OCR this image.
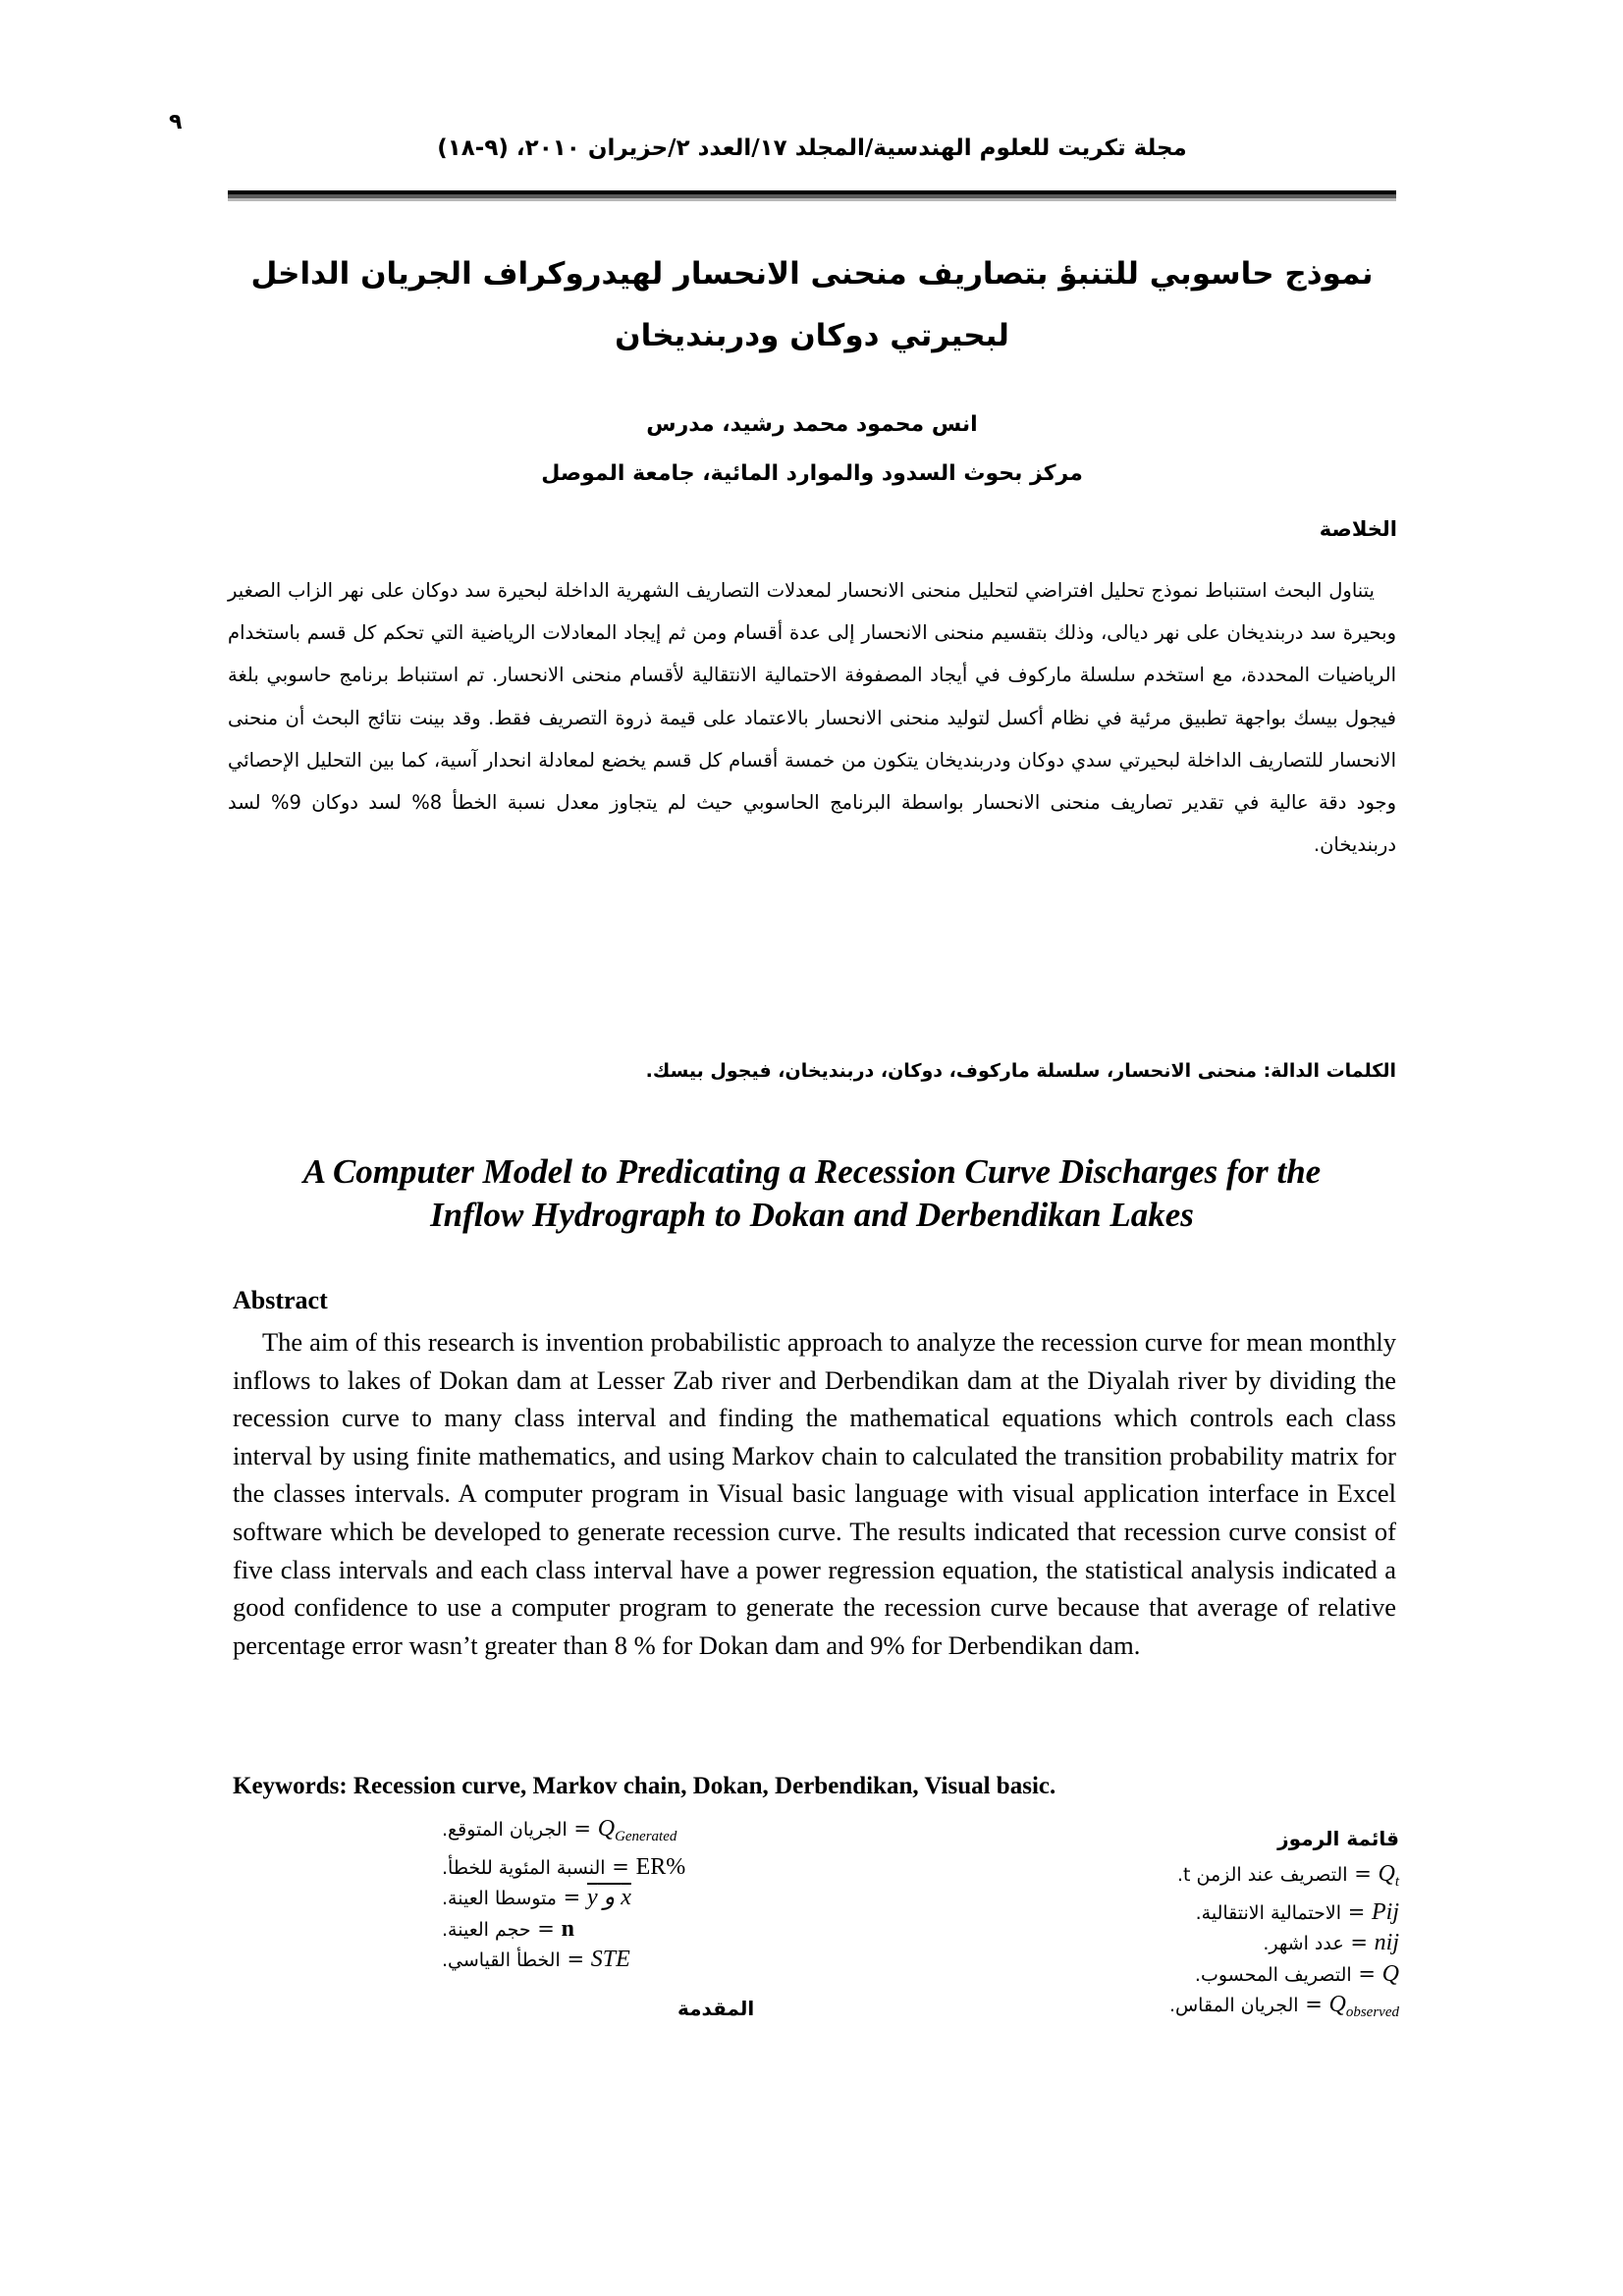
٩
مجلة تكريت للعلوم الهندسية/المجلد ١٧/العدد ٢/حزيران ٢٠١٠، (٩-١٨)
نموذج حاسوبي للتنبؤ بتصاريف منحنى الانحسار لهيدروكراف الجريان الداخل
لبحيرتي دوكان ودربنديخان
انس محمود محمد رشيد، مدرس
مركز بحوث السدود والموارد المائية، جامعة الموصل
الخلاصة

يتناول البحث استنباط نموذج تحليل افتراضي لتحليل منحنى الانحسار لمعدلات التصاريف الشهرية الداخلة لبحيرة سد دوكان على نهر الزاب الصغير وبحيرة سد دربنديخان على نهر ديالى، وذلك بتقسيم منحنى الانحسار إلى عدة أقسام ومن ثم إيجاد المعادلات الرياضية التي تحكم كل قسم باستخدام الرياضيات المحددة، مع استخدم سلسلة ماركوف في أيجاد المصفوفة الاحتمالية الانتقالية لأقسام منحنى الانحسار. تم استنباط برنامج حاسوبي بلغة فيجول بيسك بواجهة تطبيق مرئية في نظام أكسل لتوليد منحنى الانحسار بالاعتماد على قيمة ذروة التصريف فقط. وقد بينت نتائج البحث أن منحنى الانحسار للتصاريف الداخلة لبحيرتي سدي دوكان ودربنديخان يتكون من خمسة أقسام كل قسم يخضع لمعادلة انحدار آسية، كما بين التحليل الإحصائي وجود دقة عالية في تقدير تصاريف منحنى الانحسار بواسطة البرنامج الحاسوبي حيث لم يتجاوز معدل نسبة الخطأ 8% لسد دوكان 9% لسد دربنديخان.

الكلمات الدالة: منحنى الانحسار، سلسلة ماركوف، دوكان، دربنديخان، فيجول بيسك.
A Computer Model to Predicating a Recession Curve Discharges for the
Inflow Hydrograph to Dokan and Derbendikan Lakes
Abstract

The aim of this research is invention probabilistic approach to analyze the recession curve for mean monthly inflows to lakes of Dokan dam at Lesser Zab river and Derbendikan dam at the Diyalah river by dividing the recession curve to many class interval and finding the mathematical equations which controls each class interval by using finite mathematics, and using Markov chain to calculated the transition probability matrix for the classes intervals. A computer program in Visual basic language with visual application interface in Excel software which be developed to generate recession curve. The results indicated that recession curve consist of five class intervals and each class interval have a power regression equation, the statistical analysis indicated a good confidence to use a computer program to generate the recession curve because that average of relative percentage error wasn’t greater than 8 % for Dokan dam and 9% for Derbendikan dam.

Keywords: Recession curve, Markov chain, Dokan, Derbendikan, Visual basic.
قائمة الرموز
$Q_t$ = التصريف عند الزمن t.
Pij = الاحتمالية الانتقالية.
nij = عدد اشهر.
Q = التصريف المحسوب.
$Q_{observed}$ = الجريان المقاس.
$Q_{Generated}$ = الجريان المتوقع.
ER% = النسبة المئوية للخطأ.
x و y = متوسطا العينة.
n = حجم العينة.
STE = الخطأ القياسي.
المقدمة
